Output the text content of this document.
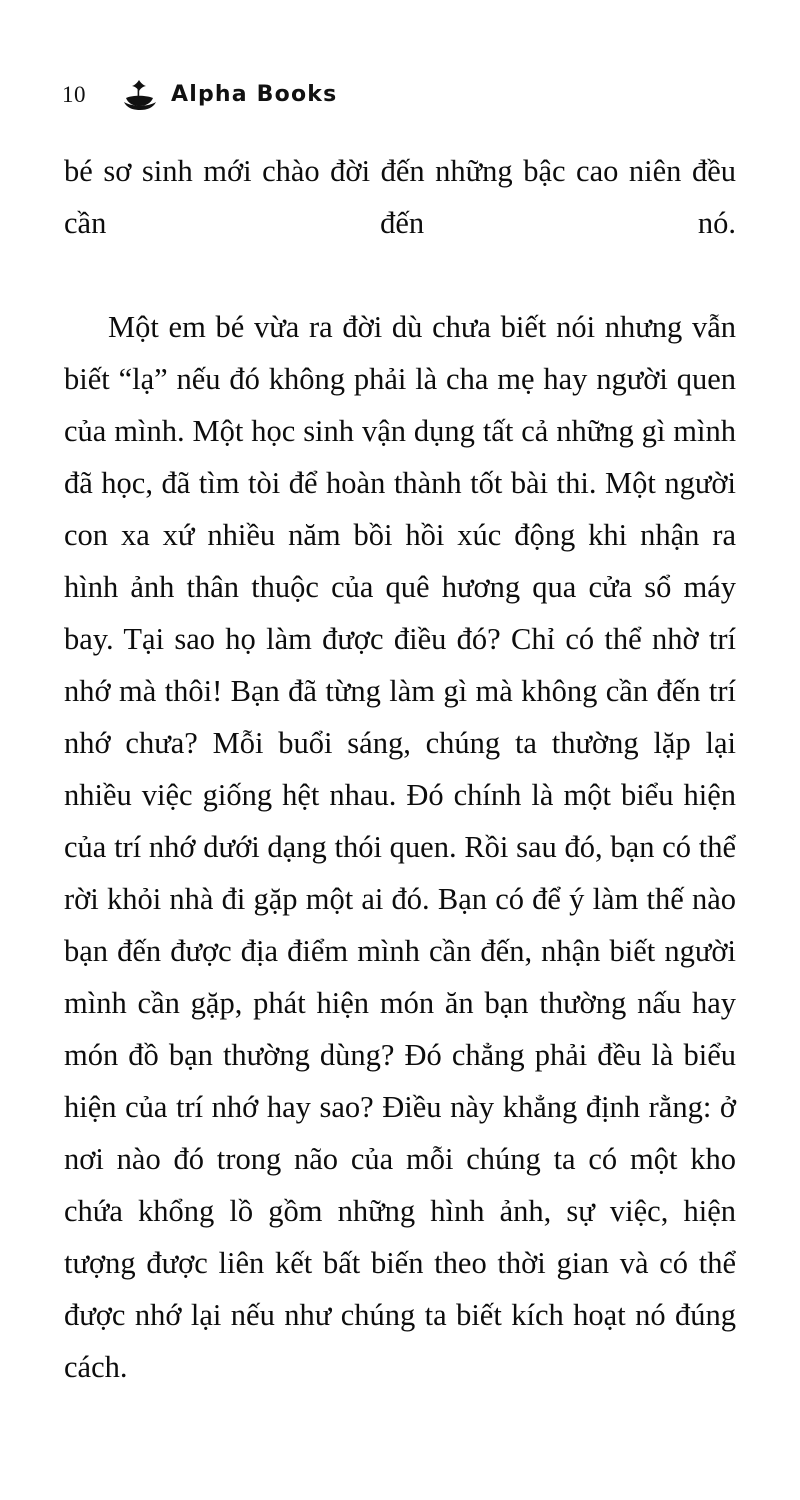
10	Alpha Books

bé sơ sinh mới chào đời đến những bậc cao niên đều cần đến nó.

Một em bé vừa ra đời dù chưa biết nói nhưng vẫn biết “lạ” nếu đó không phải là cha mẹ hay người quen của mình. Một học sinh vận dụng tất cả những gì mình đã học, đã tìm tòi để hoàn thành tốt bài thi. Một người con xa xứ nhiều năm bồi hồi xúc động khi nhận ra hình ảnh thân thuộc của quê hương qua cửa sổ máy bay. Tại sao họ làm được điều đó? Chỉ có thể nhờ trí nhớ mà thôi! Bạn đã từng làm gì mà không cần đến trí nhớ chưa? Mỗi buổi sáng, chúng ta thường lặp lại nhiều việc giống hệt nhau. Đó chính là một biểu hiện của trí nhớ dưới dạng thói quen. Rồi sau đó, bạn có thể rời khỏi nhà đi gặp một ai đó. Bạn có để ý làm thế nào bạn đến được địa điểm mình cần đến, nhận biết người mình cần gặp, phát hiện món ăn bạn thường nấu hay món đồ bạn thường dùng? Đó chẳng phải đều là biểu hiện của trí nhớ hay sao? Điều này khẳng định rằng: ở nơi nào đó trong não của mỗi chúng ta có một kho chứa khổng lồ gồm những hình ảnh, sự việc, hiện tượng được liên kết bất biến theo thời gian và có thể được nhớ lại nếu như chúng ta biết kích hoạt nó đúng cách.
